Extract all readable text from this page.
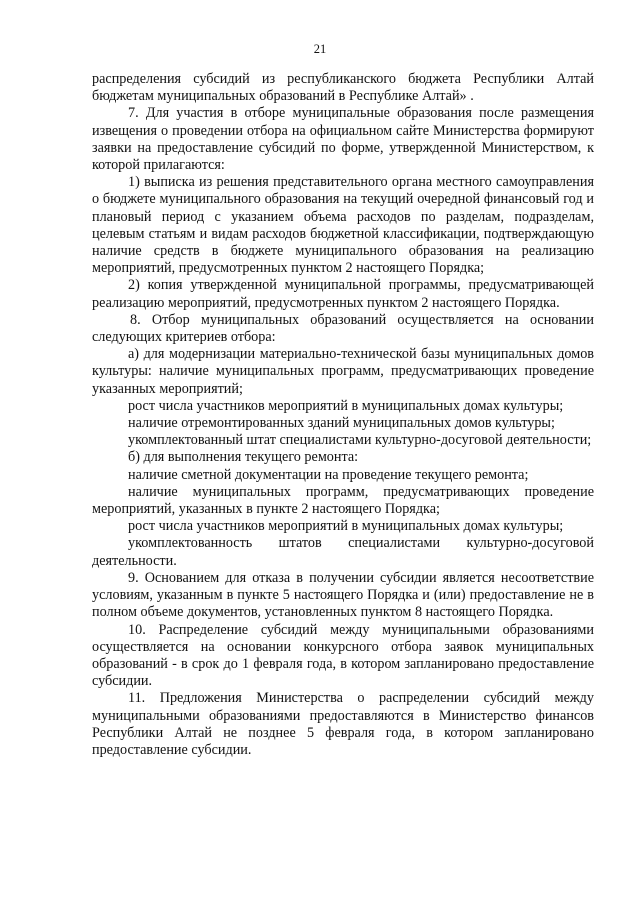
21

распределения субсидий из республиканского бюджета Республики Алтай бюджетам муниципальных образований в Республике Алтай» .

7. Для участия в отборе муниципальные образования после размещения извещения о проведении отбора на официальном сайте Министерства формируют заявки на предоставление субсидий по форме, утвержденной Министерством, к которой прилагаются:

1) выписка из решения представительного органа местного самоуправления о бюджете муниципального образования на текущий очередной финансовый год и плановый период с указанием объема расходов по разделам, подразделам, целевым статьям и видам расходов бюджетной классификации, подтверждающую наличие средств в бюджете муниципального образования на реализацию мероприятий, предусмотренных пунктом 2 настоящего Порядка;

2) копия утвержденной муниципальной программы, предусматривающей реализацию мероприятий, предусмотренных пунктом 2 настоящего Порядка.

8. Отбор муниципальных образований осуществляется на основании следующих критериев отбора:

а) для модернизации материально-технической базы муниципальных домов культуры: наличие муниципальных программ, предусматривающих проведение указанных мероприятий;

рост числа участников мероприятий в муниципальных домах культуры;

наличие отремонтированных зданий муниципальных домов культуры;

укомплектованный штат специалистами культурно-досуговой деятельности;

б) для выполнения текущего ремонта:

наличие сметной документации на проведение текущего ремонта;

наличие муниципальных программ, предусматривающих проведение мероприятий, указанных в пункте 2 настоящего Порядка;

рост числа участников мероприятий в муниципальных домах культуры;

укомплектованность штатов специалистами культурно-досуговой деятельности.

9. Основанием для отказа в получении субсидии является несоответствие условиям, указанным в пункте 5 настоящего Порядка и (или) предоставление не в полном объеме документов, установленных пунктом 8 настоящего Порядка.

10. Распределение субсидий между муниципальными образованиями осуществляется на основании конкурсного отбора заявок муниципальных образований - в срок до 1 февраля года, в котором запланировано предоставление субсидии.

11. Предложения Министерства о распределении субсидий между муниципальными образованиями предоставляются в Министерство финансов Республики Алтай не позднее 5 февраля года, в котором запланировано предоставление субсидии.
